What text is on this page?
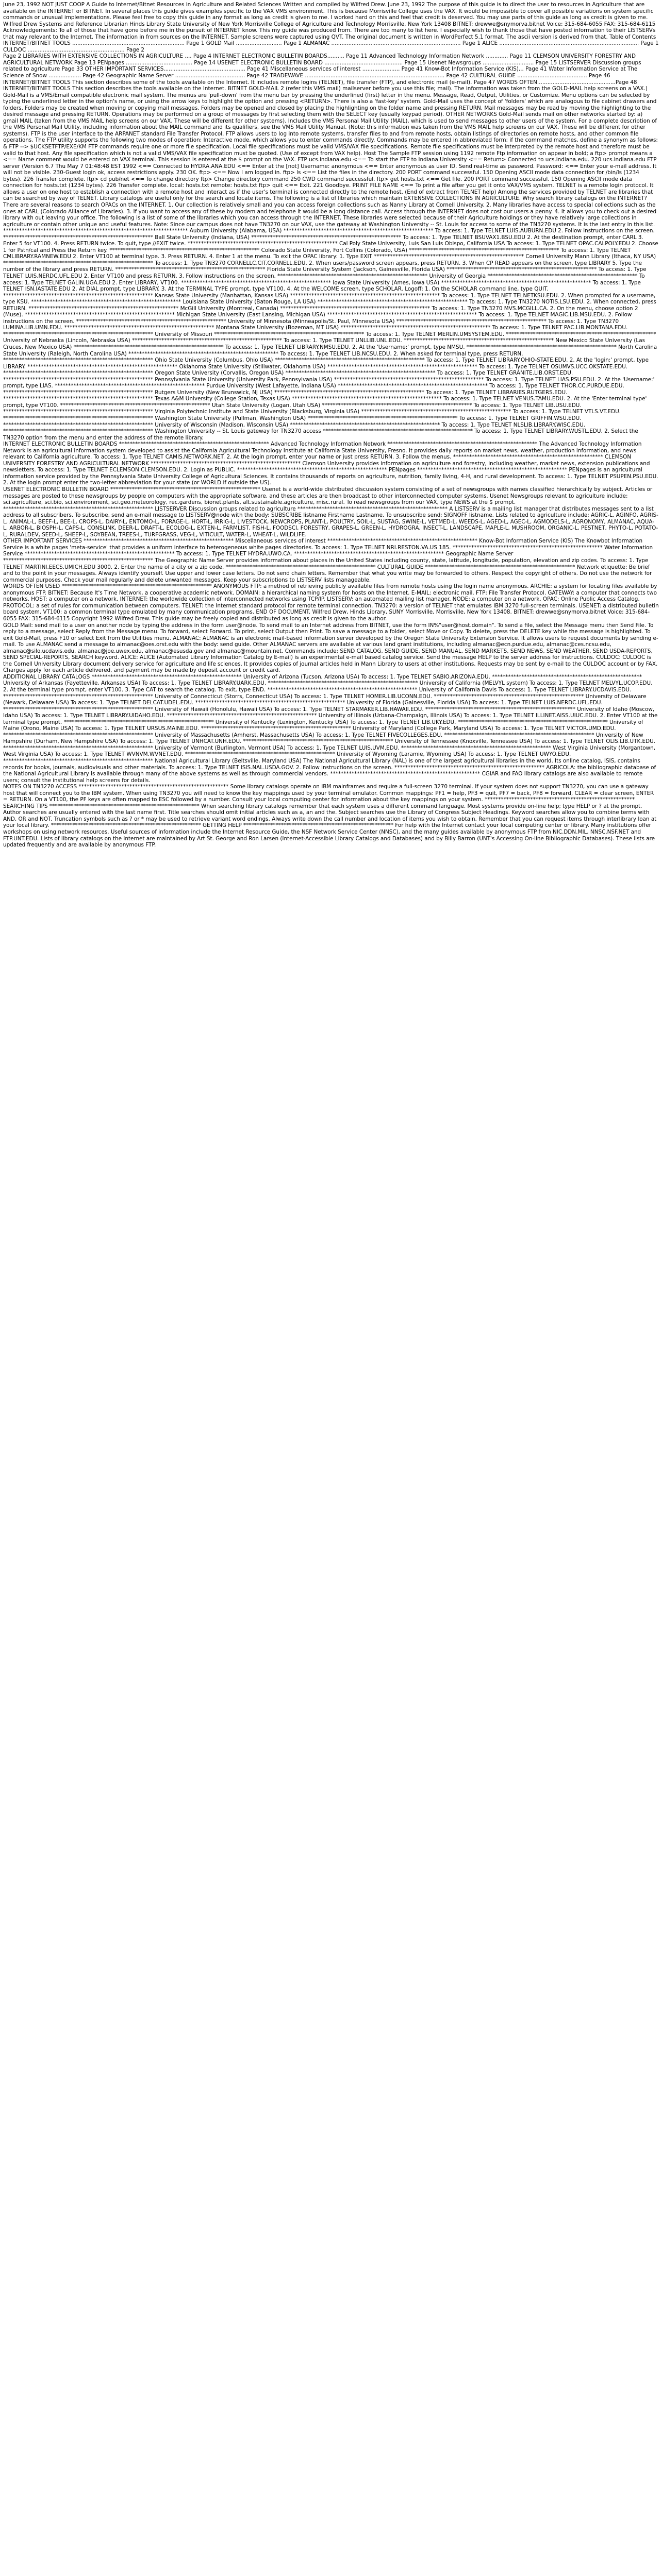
June 23, 1992 NOT JUST COOP A Guide to Internet/Bitnet Resources in Agriculture and Related Sciences Written and compiled by Wilfred Drew. June 23, 1992 The purpose of this guide is to direct the user to resources in Agriculture that are available on the INTERNET or BITNET. In several places this guide gives examples specific to the VAX VMS environment. This is because Morrisville College uses the VAX. It would be impossible to cover all possible variations on system specific commands or unusual implementations. Please feel free to copy this guide in any format as long as credit is given to me. I worked hard on this and feel that credit is deserved. You may use parts of this guide as long as credit is given to me. Wilfred Drew Systems and Reference Librarian Hinds Library State University of New York Morrisville College of Agriculture and Technology Morrisville, New York 13408 BITNET: drewwe@snymorva.bitnet Voice: 315-684-6055 FAX: 315-684-6115 Acknowledgements: To all of those that have gone before me in the pursuit of INTERNET know. This my guide was produced from. There are too many to list here. I especially wish to thank those that have posted information to their LISTSERVs that may relevant to the Internet. The information in from sources on the INTERNET. Sample screens were captured using QVT. The original document is written in WordPerfect 5.1 format. The ascii version is derived from that. Table of Contents INTERNET/BITNET TOOLS .................................................................. Page 1 GOLD Mail ........................... Page 1 ALMANAC ............................................................................ Page 1 ALICE .................................................................................. Page 1 CULDOC ......................................................... Page 2
Page 2 LIBRARIES WITH EXTENSIVE COLLECTIONS IN AGRICULTURE .... Page 4 INTERNET ELECTRONIC BULLETIN BOARDS.......... Page 11 Advanced Technology Information Network ............. Page 11 CLEMSON UNIVERSITY FORESTRY AND AGRICULTURAL NETWORK Page 13 PENpages ....................................... Page 14 USENET ELECTRONIC BULLETIN BOARD .............................................. Page 15 Usenet Newsgroups .............................. Page 15 LISTSERVER Discussion groups related to agriculture Page 33 OTHER IMPORTANT SERVICES................................................ Page 41 Miscellaneous services of interest ...................... Page 41 Know-Bot Information Service (KIS)... Page 41 Water Information Service at The Science of Snow ................... Page 42 Geographic Name Server ......................................... Page 42 TRADEWAVE .................................................................................. Page 42 CULTURAL GUIDE ......................................... Page 46 INTERNET/BITNET TOOLS This section describes some of the tools available on the Internet. It includes remote logins (TELNET), file transfer (FTP), and electronic mail (e-mail). Page 47 WORDS OFTEN..............................................Page 48 INTERNET/BITNET TOOLS This section describes the tools available on the Internet. BITNET GOLD-MAIL 2 (refer this VMS mail) mailserver before you use this file; mail). The information was taken from the GOLD-MAIL help screens on a VAX.) Gold-Mail is a VMS/Email compatible electronic mail system. The menus are 'pull-down' from the menu bar by pressing the underlined (first) letter in the menu. Message, Read, Output, Utilities, or Customize. Menu options can be selected by typing the underlined letter in the option's name, or using the arrow keys to highlight the option and pressing <RETURN>. There is also a 'fast-key' system. Gold-Mail uses the concept of 'folders' which are analogous to file cabinet drawers and folders. Folders may be created when moving or copying mail messages. Folders may be opened and closed by placing the highlighting on the folder name and pressing RETURN. Mail messages may be read by moving the highlighting to the desired message and pressing RETURN. Operations may be performed on a group of messages by first selecting them with the SELECT key (usually keypad period). OTHER NETWORKS Gold-Mail sends mail on other networks started by: a) gmail MAIL (taken from the VMS MAIL help screens on our VAX. These will be different for other systems). Includes the VMS Personal Mail Utility (MAIL), which is used to send messages to other users of the system. For a complete description of the VMS Personal Mail Utility, including information about the MAIL command and its qualifiers, see the VMS Mail Utility Manual. (Note: this information was taken from the VMS MAIL help screens on our VAX. These will be different for other systems). FTP is the user interface to the ARPANET standard File Transfer Protocol. FTP allows users to log into remote systems, transfer files to and from remote hosts, obtain listings of directories on remote hosts, and other common file operations. The FTP utility supports the following two modes of operation: Interactive mode, which allows you to enter commands directly. Commands may be entered in abbreviated form; if the command matches, define a synonym as follows: & FTP --> $UCKSETFTP/EXE/KM FTP commands require one or more file specification. Local file specifications must be valid VMS/VAX file specifications. Remote file specifications must be interpreted by the remote host and therefore must be valid to that host. Any file specification which is not a valid VMS/VAX file specification must be quoted. (Use of except from VAX help). Host The Sample FTP session using 1192 remote Ftp information on appear in bold; a ftp> prompt means a <== Name comment would be entered on VAX terminal. This session is entered at the $ prompt on the VAX. FTP ucs.indiana.edu <== To start the FTP to Indiana University <== Return> Connected to ucs.indiana.edu. 220 ucs.indiana.edu FTP server (Version 6.7 Thu May 7 01:48:48 EST 1992 <== Connected to HYDRA.ANA.EDU <== Enter at the [not] Username: anonymous <== Enter anonymous as user ID. Send real-time as password. Password: <== Enter your e-mail address. It will not be visible. 230-Guest login ok, access restrictions apply. 230 OK. ftp> <== Now I am logged in. ftp> ls <== List the files in the directory. 200 PORT command successful. 150 Opening ASCII mode data connection for /bin/ls (1234 bytes). 226 Transfer complete. ftp> cd pub/net <== To change directory ftp> Change directory command 250 CWD command successful. ftp> get hosts.txt <== Get file. 200 PORT command successful. 150 Opening ASCII mode data connection for hosts.txt (1234 bytes). 226 Transfer complete. local: hosts.txt remote: hosts.txt ftp> quit <== Exit. 221 Goodbye. PRINT FILE NAME <== To print a file after you get it onto VAX/VMS system. TELNET is a remote login protocol. It allows a user on one host to establish a connection with a remote host and interact as if the user's terminal is connected directly to the remote host. (End of extract from TELNET help) Among the services provided by TELNET are libraries that can be searched by way of TELNET. Library catalogs are useful only for the search and locate items. The following is a list of libraries which maintain EXTENSIVE COLLECTIONS IN AGRICULTURE. Why search library catalogs on the INTERNET? There are several reasons to search OPACs on the INTERNET. 1. Our collection is relatively small and you can access foreign collections such as Nanny Library at Cornell University. 2. Many libraries have access to special collections such as the ones at CARL (Colorado Alliance of Libraries). 3. If you want to access any of these by modem and telephone it would be a long distance call. Access through the INTERNET does not cost our users a penny. 4. It allows you to check out a desired library with out leaving your office. The following is a list of some of the libraries which you can access through the INTERNET. These libraries were selected because of their Agriculture holdings or they have relatively large collections in agriculture or contain other unique and useful features. Note: Since our campus does not have TN3270 on our VAX, use the gateway at Washington University -- St. Louis for access to some of the TN3270 systems. It is the last entry in this list.
********************************************************************* Auburn University (Alabama, USA) ******************************************************** To access: 1. Type TELNET LUIS.AUBURN.EDU 2. Follow instructions on the screen. ******************************************************** Ball State University (Indiana, USA) ******************************************************** To access: 1. Type TELNET BSUVAX1.BSU.EDU 2. At the destination prompt, enter CARL 3. Enter 5 for VT100. 4. Press RETURN twice. To quit, type //EXIT twice. ******************************************************** Cal Poly State University, Luis San Luis Obispo, California USA To access: 1. Type TELNET OPAC.CALPOLY.EDU 2. Choose 1 for Pstn/cal and Press the Return key. ******************************************************** Colorado State University, Fort Collins (Colorado, USA) ******************************************************** To access: 1. Type TELNET CMLIBRARY.RAMNEW.EDU 2. Enter VT100 at terminal type. 3. Press RETURN. 4. Enter 1 at the menu. To exit the OPAC library: 1. Type EXIT ******************************************************** Cornell University Mann Library (Ithaca, NY USA) ******************************************************** To access: 1. Type TN3270 CORNELLC.CIT.CORNELL.EDU. 2. When users/password screen appears, press RETURN. 3. When CP READ appears on the screen, type LIBRARY 5. Type the number of the library and press RETURN. ******************************************************** Florida State University System (Jackson, Gainesville, Florida USA) ******************************************************** To access: 1. Type TELNET LUIS.NERDC.UFL.EDU 2. Enter VT100 and press RETURN. 3. Follow instructions on the screen. ******************************************************** University of Georgia ******************************************************** To access: 1. Type TELNET GALIN.UGA.EDU 2. Enter LIBRARY, VT100. ******************************************************** Iowa State University (Ames, Iowa USA) ******************************************************** To access: 1. Type TELNET ISN.IASTATE.EDU 2. At DIAL prompt, type LIBRARY. 3. At the TERMINAL TYPE prompt, type VT100. 4. At the WELCOME screen, type SCHOLAR. Logoff: 1. On the SCHOLAR command line, type QUIT.
******************************************************** Kansas State University (Manhattan, Kansas USA) ******************************************************** To access: 1. Type TELNET TELNETKSU.EDU. 2. When prompted for a username, type KSU. ******************************************************** Louisiana State University (Baton Rouge, LA USA) ******************************************************** To access: 1. Type TN3270 NOTIS.LSU.EDU. 2. When connected, press RETURN. ******************************************************** McGill University (Montreal, Canada) ******************************************************** To access: 1. Type TN3270 MVS.MCGILL.CA. 2. On the menu, choose option 2 (Muse). ******************************************************** Michigan State University (East Lansing, Michigan USA) ******************************************************** To access: 1. Type TELNET MAGIC.LIB.MSU.EDU. 2. Follow instructions on the screen. ******************************************************** University of Minnesota (Minneapolis/St. Paul, Minnesota USA) ******************************************************** To access: 1. Type TN3270 LUMINA.LIB.UMN.EDU. ******************************************************** Montana State University (Bozeman, MT USA) ******************************************************** To access: 1. Type TELNET PAC.LIB.MONTANA.EDU. ******************************************************** University of Missouri ******************************************************** To access: 1. Type TELNET MERLIN.UMSYSTEM.EDU. ******************************************************** University of Nebraska (Lincoln, Nebraska USA) ******************************************************** To access: 1. Type TELNET UNLLIB.UNL.EDU. ******************************************************** New Mexico State University (Las Cruces, New Mexico USA) ******************************************************** To access: 1. Type TELNET LIBRARY.NMSU.EDU. 2. At the 'Username:' prompt, type NMSU. ******************************************************** North Carolina State University (Raleigh, North Carolina USA) ******************************************************** To access: 1. Type TELNET LIB.NCSU.EDU. 2. When asked for terminal type, press RETURN. ******************************************************** Ohio State University (Columbus, Ohio USA) ******************************************************** To access: 1. Type TELNET LIBRARY.OHIO-STATE.EDU. 2. At the 'login:' prompt, type LIBRARY. ******************************************************** Oklahoma State University (Stillwater, Oklahoma USA) ******************************************************** To access: 1. Type TELNET OSUMVS.UCC.OKSTATE.EDU. ******************************************************** Oregon State University (Corvallis, Oregon USA) ******************************************************** To access: 1. Type TELNET GRANITE.LIB.ORST.EDU. ******************************************************** Pennsylvania State University (University Park, Pennsylvania USA) ******************************************************** To access: 1. Type TELNET LIAS.PSU.EDU. 2. At the 'Username:' prompt, type LIAS. ******************************************************** Purdue University (West Lafayette, Indiana USA) ******************************************************** To access: 1. Type TELNET THOR.CC.PURDUE.EDU. ******************************************************** Rutgers University (New Brunswick, NJ USA) ******************************************************** To access: 1. Type TELNET LIBRARIES.RUTGERS.EDU. ******************************************************** Texas A&M University (College Station, Texas USA) ******************************************************** To access: 1. Type TELNET VENUS.TAMU.EDU. 2. At the 'Enter terminal type' prompt, type VT100. ******************************************************** Utah State University (Logan, Utah USA) ******************************************************** To access: 1. Type TELNET LIB.USU.EDU. ******************************************************** Virginia Polytechnic Institute and State University (Blacksburg, Virginia USA) ******************************************************** To access: 1. Type TELNET VTLS.VT.EDU. ******************************************************** Washington State University (Pullman, Washington USA) ******************************************************** To access: 1. Type TELNET GRIFFIN.WSU.EDU. ******************************************************** University of Wisconsin (Madison, Wisconsin USA) ******************************************************** To access: 1. Type TELNET NLSLIB.LIBRARY.WISC.EDU. ******************************************************** Washington University -- St. Louis gateway for TN3270 access ******************************************************** To access: 1. Type TELNET LIBRARY.WUSTL.EDU. 2. Select the TN3270 option from the menu and enter the address of the remote library.
INTERNET ELECTRONIC BULLETIN BOARDS ******************************************************** Advanced Technology Information Network ******************************************************** The Advanced Technology Information Network is an agricultural information system developed to assist the California Agricultural Technology Institute at California State University, Fresno. It provides daily reports on market news, weather, production information, and news relevant to California agriculture. To access: 1. Type TELNET CAMIS.NETWORK.NET. 2. At the login prompt, enter your name or just press RETURN. 3. Follow the menus. ******************************************************** CLEMSON UNIVERSITY FORESTRY AND AGRICULTURAL NETWORK ******************************************************** Clemson University provides information on agriculture and forestry, including weather, market news, extension publications and newsletters. To access: 1. Type TELNET ECLEMSON.CLEMSON.EDU. 2. Login as PUBLIC. ******************************************************** PENpages ******************************************************** PENpages is an agricultural information service provided by the Pennsylvania State University College of Agricultural Sciences. It contains thousands of reports on agriculture, nutrition, family living, 4-H, and rural development. To access: 1. Type TELNET PSUPEN.PSU.EDU. 2. At the login prompt enter the two-letter abbreviation for your state (or WORLD if outside the US).
USENET ELECTRONIC BULLETIN BOARD ******************************************************** Usenet is a world-wide distributed discussion system consisting of a set of newsgroups with names classified hierarchically by subject. Articles or messages are posted to these newsgroups by people on computers with the appropriate software, and these articles are then broadcast to other interconnected computer systems. Usenet Newsgroups relevant to agriculture include: sci.agriculture, sci.bio, sci.environment, sci.geo.meteorology, rec.gardens, bionet.plants, alt.sustainable.agriculture, misc.rural. To read newsgroups from our VAX, type NEWS at the $ prompt. ******************************************************** LISTSERVER Discussion groups related to agriculture ******************************************************** A LISTSERV is a mailing list manager that distributes messages sent to a list address to all subscribers. To subscribe, send an e-mail message to LISTSERV@node with the body: SUBSCRIBE listname Firstname Lastname. To unsubscribe send: SIGNOFF listname. Lists related to agriculture include: AGRIC-L, AGINFO, AGRIS-L, ANIMAL-L, BEEF-L, BEE-L, CROPS-L, DAIRY-L, ENTOMO-L, FORAGE-L, HORT-L, IRRIG-L, LIVESTOCK, NEWCROPS, PLANT-L, POULTRY, SOIL-L, SUSTAG, SWINE-L, VETMED-L, WEEDS-L, AGED-L, AGEC-L, AGMODELS-L, AGRONOMY, ALMANAC, AQUA-L, ARBOR-L, BIOSPH-L, CAPS-L, CONSLINK, DEER-L, DRAFT-L, ECOLOG-L, EXTEN-L, FARMLIST, FISH-L, FOODSCI, FORESTRY, GRAPES-L, GREEN-L, HYDROGRA, INSECT-L, LANDSCAPE, MAPLE-L, MUSHROOM, ORGANIC-L, PESTNET, PHYTO-L, POTATO-L, RURALDEV, SEED-L, SHEEP-L, SOYBEAN, TREES-L, TURFGRASS, VEG-L, VITICULT, WATER-L, WHEAT-L, WILDLIFE.
OTHER IMPORTANT SERVICES ******************************************************** Miscellaneous services of interest ******************************************************** Know-Bot Information Service (KIS) The Knowbot Information Service is a white pages 'meta-service' that provides a uniform interface to heterogeneous white pages directories. To access: 1. Type TELNET NRI.RESTON.VA.US 185. ******************************************************** Water Information Service ******************************************************** To access: 1. Type TELNET HYDRA.UWO.CA. ******************************************************** Geographic Name Server ******************************************************** The Geographic Name Server provides information about places in the United States including county, state, latitude, longitude, population, elevation and zip codes. To access: 1. Type TELNET MARTINI.EECS.UMICH.EDU 3000. 2. Enter the name of a city or a zip code. ******************************************************** CULTURAL GUIDE ******************************************************** Network etiquette: Be brief and to the point in your messages. Always identify yourself. Use upper and lower case letters. Do not send chain letters. Remember that what you write may be forwarded to others. Respect the copyright of others. Do not use the network for commercial purposes. Check your mail regularly and delete unwanted messages. Keep your subscriptions to LISTSERV lists manageable.
WORDS OFTEN USED ******************************************************** ANONYMOUS FTP: a method of retrieving publicly available files from remote hosts using the login name anonymous. ARCHIE: a system for locating files available by anonymous FTP. BITNET: Because It's Time Network, a cooperative academic network. DOMAIN: a hierarchical naming system for hosts on the Internet. E-MAIL: electronic mail. FTP: File Transfer Protocol. GATEWAY: a computer that connects two networks. HOST: a computer on a network. INTERNET: the worldwide collection of interconnected networks using TCP/IP. LISTSERV: an automated mailing list manager. NODE: a computer on a network. OPAC: Online Public Access Catalog. PROTOCOL: a set of rules for communication between computers. TELNET: the Internet standard protocol for remote terminal connection. TN3270: a version of TELNET that emulates IBM 3270 full-screen terminals. USENET: a distributed bulletin board system. VT100: a common terminal type emulated by many communication programs. END OF DOCUMENT. Wilfred Drew, Hinds Library, SUNY Morrisville, Morrisville, New York 13408. BITNET: drewwe@snymorva.bitnet Voice: 315-684-6055 FAX: 315-684-6115 Copyright 1992 Wilfred Drew. This guide may be freely copied and distributed as long as credit is given to the author.
GOLD Mail: send mail to a user on another node by typing the address in the form user@node. To send mail to an Internet address from BITNET, use the form IN%"user@host.domain". To send a file, select the Message menu then Send File. To reply to a message, select Reply from the Message menu. To forward, select Forward. To print, select Output then Print. To save a message to a folder, select Move or Copy. To delete, press the DELETE key while the message is highlighted. To exit Gold-Mail, press F10 or select Exit from the Utilities menu. ALMANAC: ALMANAC is an electronic mail-based information server developed by the Oregon State University Extension Service. It allows users to request documents by sending e-mail. To use ALMANAC send a message to almanac@oes.orst.edu with the body: send guide. Other ALMANAC servers are available at various land grant institutions, including almanac@ecn.purdue.edu, almanac@ces.ncsu.edu, almanac@silo.ucdavis.edu, almanac@joe.uwex.edu, almanac@esusda.gov and almanac@mountain.net. Commands include: SEND CATALOG, SEND GUIDE, SEND MANUAL, SEND MARKETS, SEND NEWS, SEND WEATHER, SEND USDA-REPORTS, SEND SPECIAL-REPORTS, SEARCH keyword. ALICE: ALICE (Automated Library Information Catalog by E-mail) is an experimental e-mail based catalog service. Send the message HELP to the server address for instructions. CULDOC: CULDOC is the Cornell University Library document delivery service for agriculture and life sciences. It provides copies of journal articles held in Mann Library to users at other institutions. Requests may be sent by e-mail to the CULDOC account or by FAX. Charges apply for each article delivered, and payment may be made by deposit account or credit card.
ADDITIONAL LIBRARY CATALOGS ******************************************************** University of Arizona (Tucson, Arizona USA) To access: 1. Type TELNET SABIO.ARIZONA.EDU. ******************************************************** University of Arkansas (Fayetteville, Arkansas USA) To access: 1. Type TELNET LIBRARY.UARK.EDU. ******************************************************** University of California (MELVYL system) To access: 1. Type TELNET MELVYL.UCOP.EDU. 2. At the terminal type prompt, enter VT100. 3. Type CAT to search the catalog. To exit, type END. ******************************************************** University of California Davis To access: 1. Type TELNET LIBRARY.UCDAVIS.EDU. ******************************************************** University of Connecticut (Storrs, Connecticut USA) To access: 1. Type TELNET HOMER.LIB.UCONN.EDU. ******************************************************** University of Delaware (Newark, Delaware USA) To access: 1. Type TELNET DELCAT.UDEL.EDU. ******************************************************** University of Florida (Gainesville, Florida USA) To access: 1. Type TELNET LUIS.NERDC.UFL.EDU. ******************************************************** University of Hawaii (Honolulu, Hawaii USA) To access: 1. Type TELNET STARMAKER.LIB.HAWAII.EDU. ******************************************************** University of Idaho (Moscow, Idaho USA) To access: 1. Type TELNET LIBRARY.UIDAHO.EDU. ******************************************************** University of Illinois (Urbana-Champaign, Illinois USA) To access: 1. Type TELNET ILLINET.AISS.UIUC.EDU. 2. Enter VT100 at the terminal type prompt. ******************************************************** University of Kentucky (Lexington, Kentucky USA) To access: 1. Type TELNET LIB.UKY.EDU. ******************************************************** University of Maine (Orono, Maine USA) To access: 1. Type TELNET URSUS.MAINE.EDU. ******************************************************** University of Maryland (College Park, Maryland USA) To access: 1. Type TELNET VICTOR.UMD.EDU. ******************************************************** University of Massachusetts (Amherst, Massachusetts USA) To access: 1. Type TELNET FIVECOLLEGES.EDU. ******************************************************** University of New Hampshire (Durham, New Hampshire USA) To access: 1. Type TELNET UNHCAT.UNH.EDU. ******************************************************** University of Tennessee (Knoxville, Tennessee USA) To access: 1. Type TELNET OLIS.LIB.UTK.EDU. ******************************************************** University of Vermont (Burlington, Vermont USA) To access: 1. Type TELNET LUIS.UVM.EDU. ******************************************************** West Virginia University (Morgantown, West Virginia USA) To access: 1. Type TELNET WVNVM.WVNET.EDU. ******************************************************** University of Wyoming (Laramie, Wyoming USA) To access: 1. Type TELNET UWYO.EDU. ******************************************************** National Agricultural Library (Beltsville, Maryland USA) The National Agricultural Library (NAL) is one of the largest agricultural libraries in the world. Its online catalog, ISIS, contains records for books, journals, audiovisuals and other materials. To access: 1. Type TELNET ISIS.NAL.USDA.GOV. 2. Follow instructions on the screen. ******************************************************** AGRICOLA: the bibliographic database of the National Agricultural Library is available through many of the above systems as well as through commercial vendors. ******************************************************** CGIAR and FAO library catalogs are also available to remote users; consult the institutional help screens for details.
NOTES ON TN3270 ACCESS ******************************************************** Some library catalogs operate on IBM mainframes and require a full-screen 3270 terminal. If your system does not support TN3270, you can use a gateway host that will connect you to the IBM system. When using TN3270 you will need to know the key mappings used by your terminal emulator. Common mappings: PF1 = help, PF3 = quit, PF7 = back, PF8 = forward, CLEAR = clear screen, ENTER = RETURN. On a VT100, the PF keys are often mapped to ESC followed by a number. Consult your local computing center for information about the key mappings on your system. ******************************************************** SEARCHING TIPS ******************************************************** When searching library catalogs remember that each system uses a different command language. Most systems provide on-line help; type HELP or ? at the prompt. Author searches are usually entered with the last name first. Title searches should omit initial articles such as a, an and the. Subject searches use the Library of Congress Subject Headings. Keyword searches allow you to combine terms with AND, OR and NOT. Truncation symbols such as ? or * may be used to retrieve variant word endings. Always write down the call number and location of items you wish to obtain. Remember that you can request items through interlibrary loan at your local library. ******************************************************** GETTING HELP ******************************************************** For help with the Internet contact your local computing center or library. Many institutions offer workshops on using network resources. Useful sources of information include the Internet Resource Guide, the NSF Network Service Center (NNSC), and the many guides available by anonymous FTP from NIC.DDN.MIL, NNSC.NSF.NET and FTP.UNT.EDU. Lists of library catalogs on the Internet are maintained by Art St. George and Ron Larsen (Internet-Accessible Library Catalogs and Databases) and by Billy Barron (UNT's Accessing On-line Bibliographic Databases). These lists are updated frequently and are available by anonymous FTP.
